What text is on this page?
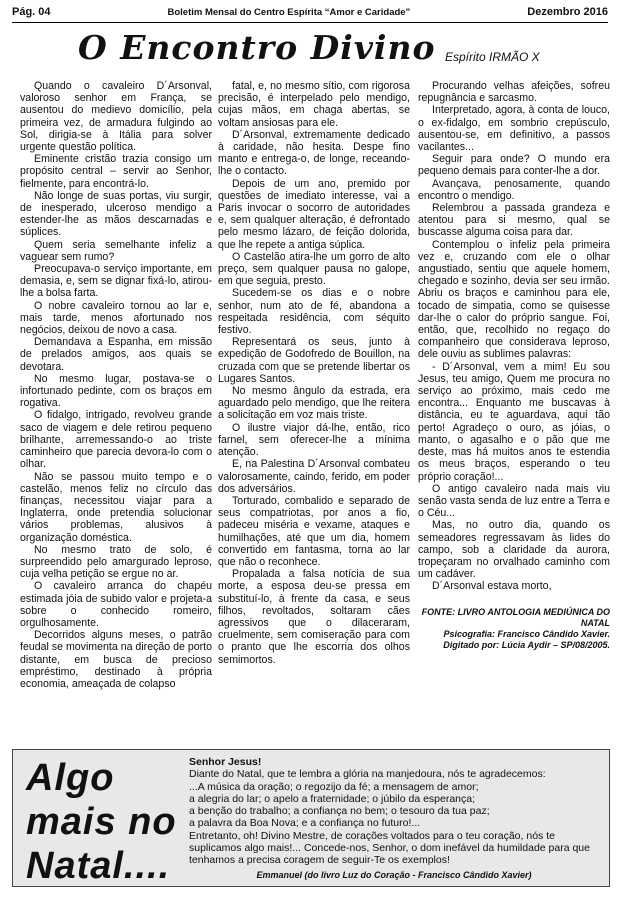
Pág. 04	Boletim Mensal do Centro Espírita “Amor e Caridade”	Dezembro 2016
O Encontro Divino Espírito IRMÃO X

Quando o cavaleiro D´Arsonval, valoroso senhor em França, se ausentou do medievo domicílio, pela primeira vez, de armadura fulgindo ao Sol, dirigia-se à Itália para solver urgente questão política.

Eminente cristão trazia consigo um propósito central – servir ao Senhor, fielmente, para encontrá-lo.

Não longe de suas portas, viu surgir, de inesperado, ulceroso mendigo a estender-lhe as mãos descarnadas e súplices.

Quem seria semelhante infeliz a vaguear sem rumo?

Preocupava-o serviço importante, em demasia, e, sem se dignar fixá-lo, atirou-lhe a bolsa farta.

O nobre cavaleiro tornou ao lar e, mais tarde, menos afortunado nos negócios, deixou de novo a casa.

Demandava a Espanha, em missão de prelados amigos, aos quais se devotara.

No mesmo lugar, postava-se o infortunado pedinte, com os braços em rogativa.

O fidalgo, intrigado, revolveu grande saco de viagem e dele retirou pequeno brilhante, arremessando-o ao triste caminheiro que parecia devora-lo com o olhar.

Não se passou muito tempo e o castelão, menos feliz no círculo das finanças, necessitou viajar para a Inglaterra, onde pretendia solucionar vários problemas, alusivos à organização doméstica.

No mesmo trato de solo, é surpreendido pelo amargurado leproso, cuja velha petição se ergue no ar.

O cavaleiro arranca do chapéu estimada jóia de subido valor e projeta-a sobre o conhecido romeiro, orgulhosamente.

Decorridos alguns meses, o patrão feudal se movimenta na direção de porto distante, em busca de precioso empréstimo, destinado à própria economia, ameaçada de colapso

fatal, e, no mesmo sítio, com rigorosa precisão, é interpelado pelo mendigo, cujas mãos, em chaga abertas, se voltam ansiosas para ele.

D´Arsonval, extremamente dedicado à caridade, não hesita. Despe fino manto e entrega-o, de longe, receando-lhe o contacto.

Depois de um ano, premido por questões de imediato interesse, vai a Paris invocar o socorro de autoridades e, sem qualquer alteração, é defrontado pelo mesmo lázaro, de feição dolorida, que lhe repete a antiga súplica.

O Castelão atira-lhe um gorro de alto preço, sem qualquer pausa no galope, em que seguia, presto.

Sucedem-se os dias e o nobre senhor, num ato de fé, abandona a respeitada residência, com séquito festivo.

Representará os seus, junto à expedição de Godofredo de Bouillon, na cruzada com que se pretende libertar os Lugares Santos.

No mesmo ângulo da estrada, era aguardado pelo mendigo, que lhe reitera a solicitação em voz mais triste.

O ilustre viajor dá-lhe, então, rico farnel, sem oferecer-lhe a mínima atenção.

E, na Palestina D´Arsonval combateu valorosamente, caindo, ferido, em poder dos adversários.

Torturado, combalido e separado de seus compatriotas, por anos a fio, padeceu miséria e vexame, ataques e humilhações, até que um dia, homem convertido em fantasma, torna ao lar que não o reconhece.

Propalada a falsa notícia de sua morte, a esposa deu-se pressa em substituí-lo, à frente da casa, e seus filhos, revoltados, soltaram cães agressivos que o dilaceraram, cruelmente, sem comiseração para com o pranto que lhe escorria dos olhos semimortos.

Procurando velhas afeições, sofreu repugnância e sarcasmo.

Interpretado, agora, à conta de louco, o ex-fidalgo, em sombrio crepúsculo, ausentou-se, em definitivo, a passos vacilantes...

Seguir para onde? O mundo era pequeno demais para conter-lhe a dor.

Avançava, penosamente, quando encontro o mendigo.

Relembrou a passada grandeza e atentou para si mesmo, qual se buscasse alguma coisa para dar.

Contemplou o infeliz pela primeira vez e, cruzando com ele o olhar angustiado, sentiu que aquele homem, chegado e sozinho, devia ser seu irmão. Abriu os braços e caminhou para ele, tocado de simpatia, como se quisesse dar-lhe o calor do próprio sangue. Foi, então, que, recolhido no regaço do companheiro que considerava leproso, dele ouviu as sublimes palavras:

- D´Arsonval, vem a mim! Eu sou Jesus, teu amigo, Quem me procura no serviço ao próximo, mais cedo me encontra... Enquanto me buscavas à distância, eu te aguardava, aqui tão perto! Agradeço o ouro, as jóias, o manto, o agasalho e o pão que me deste, mas há muitos anos te estendia os meus braços, esperando o teu próprio coração!...

O antigo cavaleiro nada mais viu senão vasta senda de luz entre a Terra e o Céu...

Mas, no outro dia, quando os semeadores regressavam às lides do campo, sob a claridade da aurora, tropeçaram no orvalhado caminho com um cadáver.

D´Arsonval estava morto,

FONTE: LIVRO ANTOLOGIA MEDIÚNICA DO NATAL
Psicografia: Francisco Cândido Xavier.
Digitado por: Lúcia Aydir – SP/08/2005.
Algo
mais no
Natal....
Senhor Jesus!
Diante do Natal, que te lembra a glória na manjedoura, nós te agradecemos:
...A música da oração; o regozijo da fé; a mensagem de amor;
a alegria do lar; o apelo a fraternidade; o júbilo da esperança;
a benção do trabalho; a confiança no bem; o tesouro da tua paz;
a palavra da Boa Nova; e a confiança no futuro!...
Entretanto, oh! Divino Mestre, de corações voltados para o teu coração, nós te suplicamos algo mais!... Concede-nos, Senhor, o dom inefável da humildade para que tenhamos a precisa coragem de seguir-Te os exemplos!
Emmanuel (do livro Luz do Coração - Francisco Cândido Xavier)
